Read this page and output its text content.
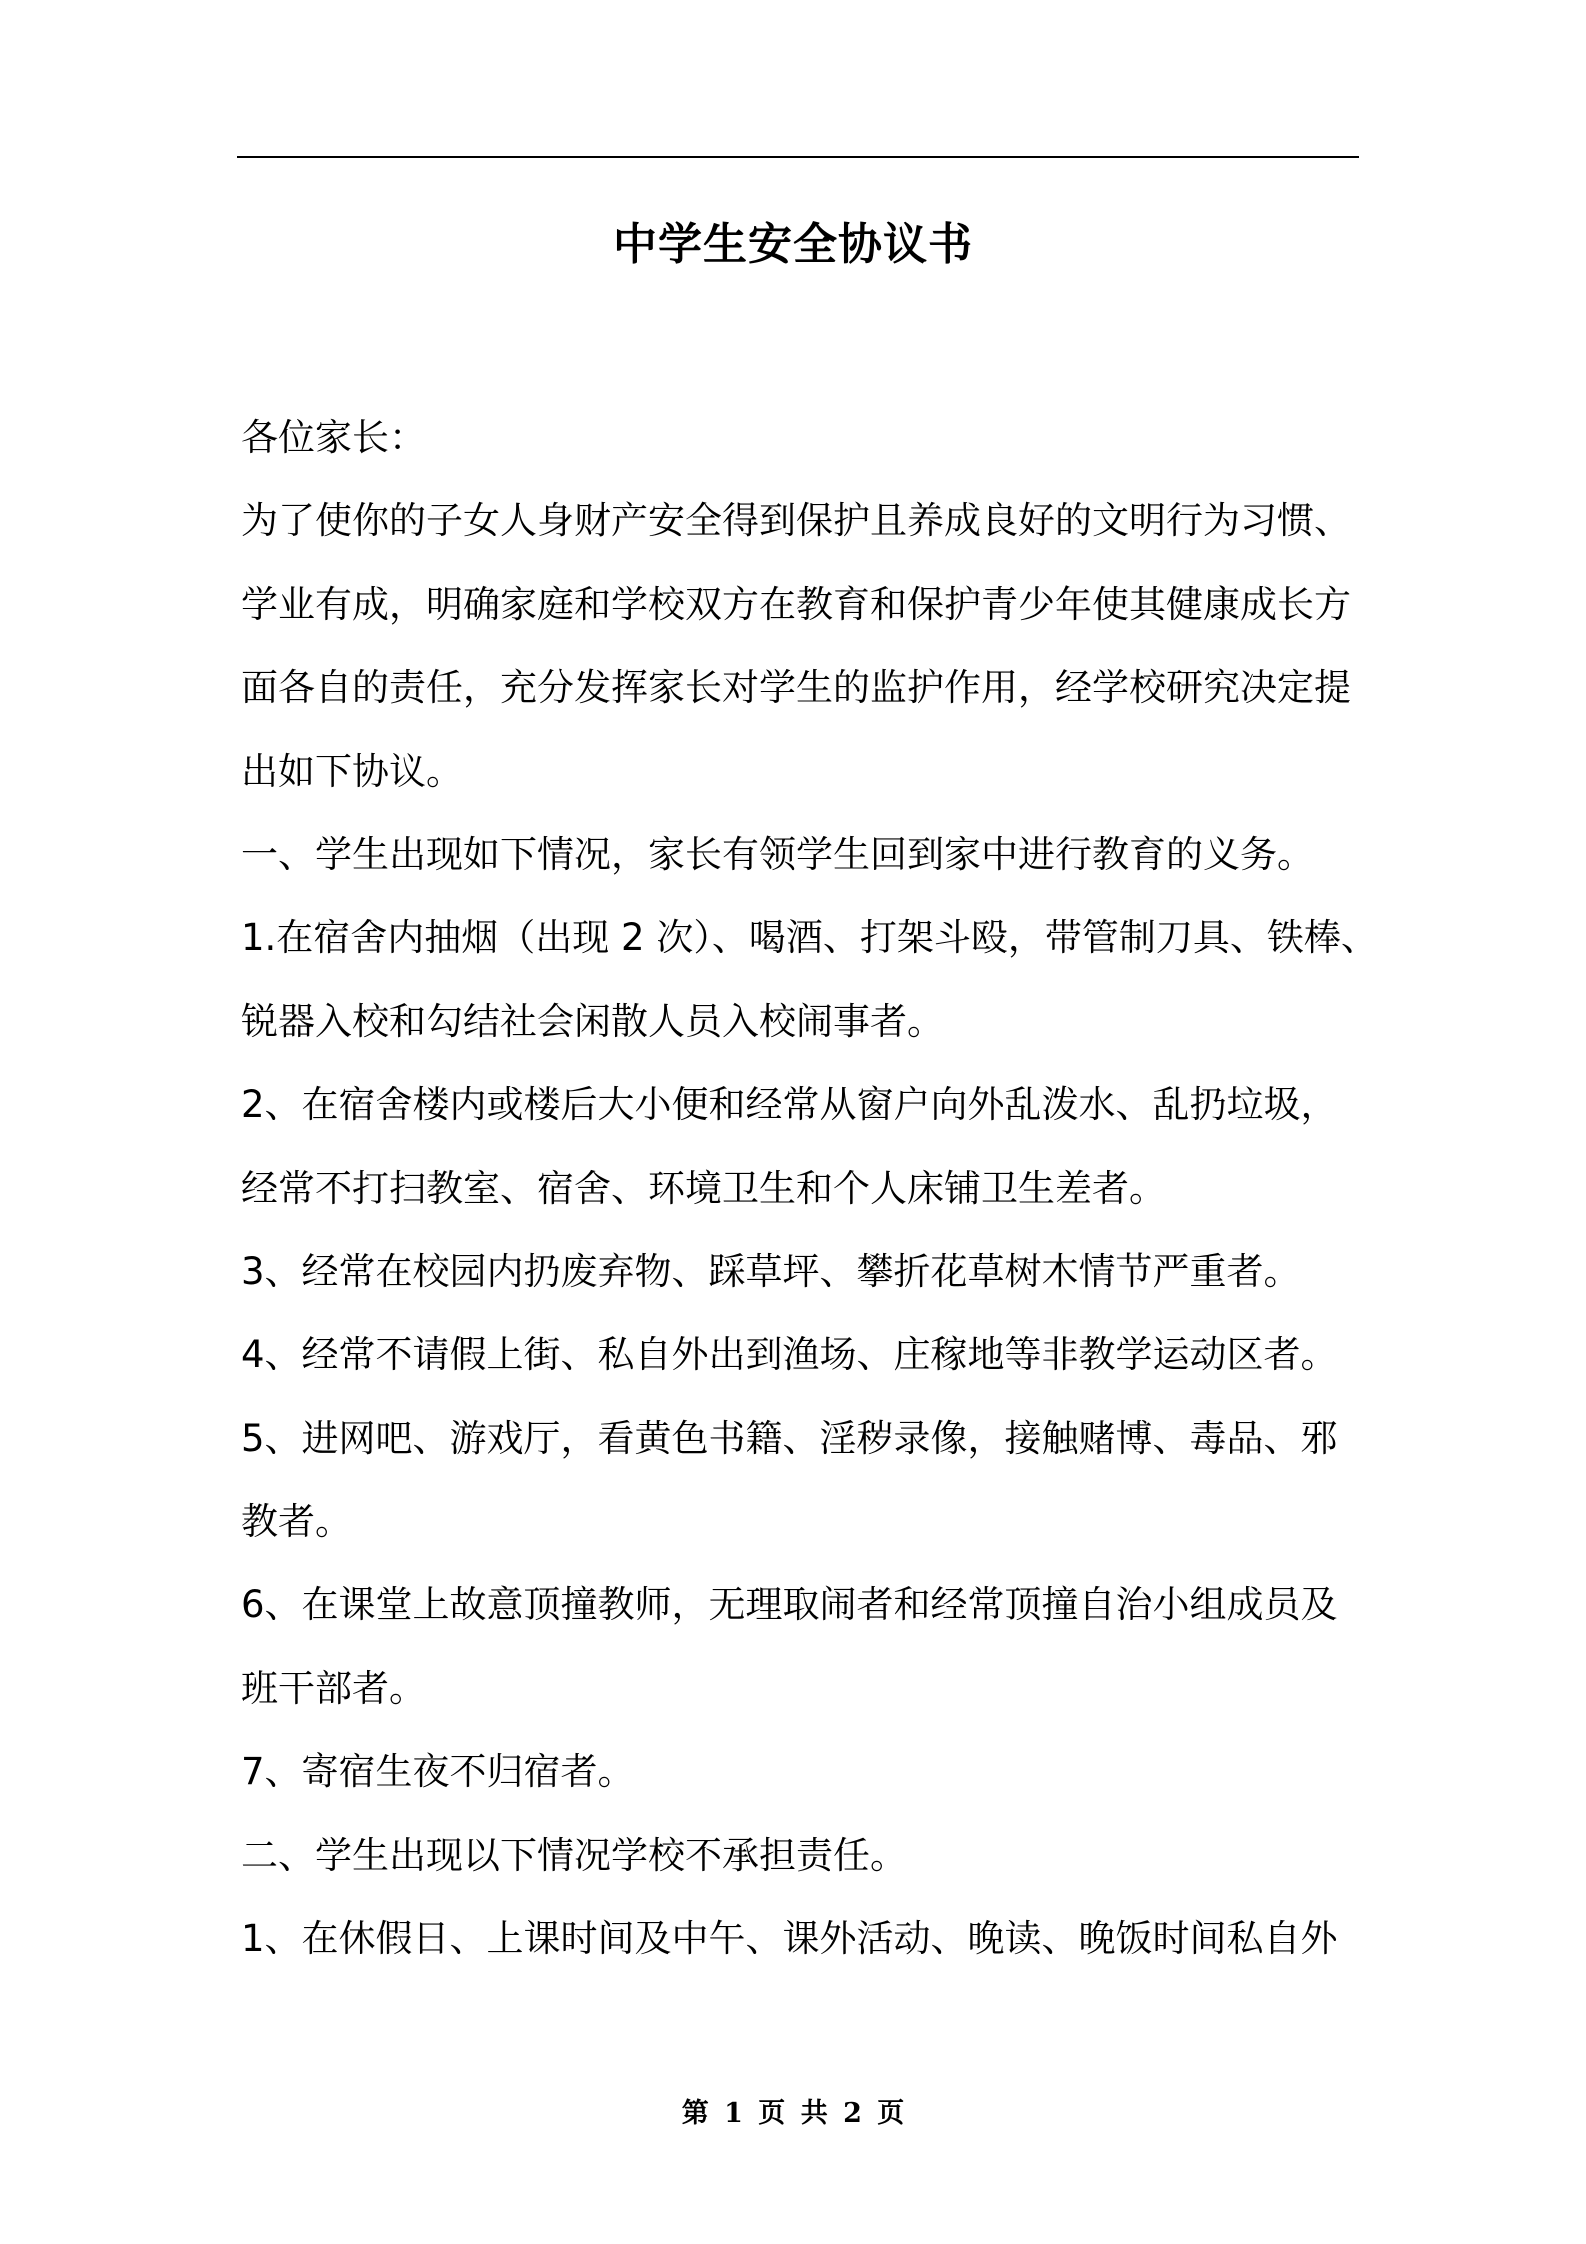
中学生安全协议书
各位家长：
为了使你的子女人身财产安全得到保护且养成良好的文明行为习惯、
学业有成，明确家庭和学校双方在教育和保护青少年使其健康成长方
面各自的责任，充分发挥家长对学生的监护作用，经学校研究决定提
出如下协议。
一、学生出现如下情况，家长有领学生回到家中进行教育的义务。
1.在宿舍内抽烟（出现 2 次）、喝酒、打架斗殴，带管制刀具、铁棒、
锐器入校和勾结社会闲散人员入校闹事者。
2、在宿舍楼内或楼后大小便和经常从窗户向外乱泼水、乱扔垃圾，
经常不打扫教室、宿舍、环境卫生和个人床铺卫生差者。
3、经常在校园内扔废弃物、踩草坪、攀折花草树木情节严重者。
4、经常不请假上街、私自外出到渔场、庄稼地等非教学运动区者。
5、进网吧、游戏厅，看黄色书籍、淫秽录像，接触赌博、毒品、邪
教者。
6、在课堂上故意顶撞教师，无理取闹者和经常顶撞自治小组成员及
班干部者。
7、寄宿生夜不归宿者。
二、学生出现以下情况学校不承担责任。
1、在休假日、上课时间及中午、课外活动、晚读、晚饭时间私自外
第 1 页 共 2 页
